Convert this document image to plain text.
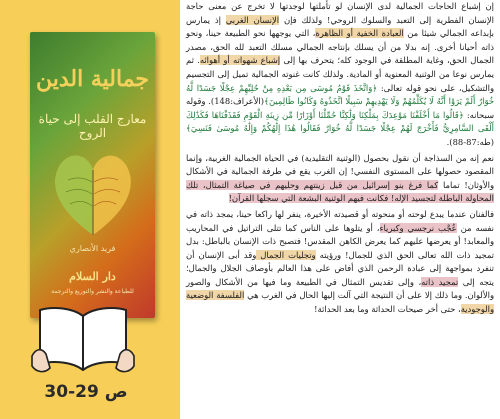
جمالية الدين
معارج القلب إلى حياة الروح
فريد الأنصاري
دار السلام
للطباعة والنشر والتوزيع والترجمة
ص 29-30

إن إشباع الحاجات الجمالية لدى الإنسان لو تأملتها لوجدتها لا تخرج عن معنى حاجة الإنسان الفطرية إلى التعبد والسلوك الروحي! ولذلك فإن الإنسان الغربي إذ يمارس بإبداعه الجمالي شيئا من العبادة الخفية أو الظاهرة، التي يوجهها نحو الطبيعة حينا، ونحو ذاته أحيانا أخرى. إنه بدلا من أن يسلك بإنتاجه الجمالي مسلك التعبد لله الحق، مصدر الجمال الحق، وغاية المطلقة في الوجود كله؛ يتحرف بها إلى إشباع شهواته أو أهوائه. ثم يمارس نوعا من الوثنية المعنوية أو المادية. ولذلك كانت غنوته الجمالية تميل إلى التجسيم والتشكيل، على نحو قوله تعالى: ﴿وَاتَّخَذَ قَوْمُ مُوسَى مِن بَعْدِهِ مِنْ حُلِيِّهِمْ عِجْلًا جَسَدًا لَّهُ خُوَارٌ أَلَمْ يَرَوْا أَنَّهُ لَا يُكَلِّمُهُمْ وَلَا يَهْدِيهِمْ سَبِيلًا اتَّخَذُوهُ وَكَانُوا ظَالِمِينَ﴾(الأعراف:148). وقوله سبحانه: ﴿قَالُوا مَا أَخْلَفْنَا مَوْعِدَكَ بِمَلْكِنَا وَلَٰكِنَّا حُمِّلْنَا أَوْزَارًا مِّن زِينَةِ الْقَوْمِ فَقَذَفْنَاهَا فَكَذَٰلِكَ أَلْقَى السَّامِرِيُّ فَأَخْرَجَ لَهُمْ عِجْلًا جَسَدًا لَّهُ خُوَارٌ فَقَالُوا هَٰذَا إِلَٰهُكُمْ وَإِلَٰهُ مُوسَىٰ فَنَسِيَ﴾(طه:87-88).

نعم إنه من السذاجة أن نقول بحصول (الوثنية التقليدية) في الحياة الجمالية الغربية، وإنما المقصود حصولها على المستوى النفسي! إن الغرب يقع في طرفة الجمالية في الأشكال والأوثان! تماما كما فرغ بنو إسرائيل من قبل زينتهم وحليهم في صياغة التمثال، تلك المحاولة الباطلة لتجسيد الإله! فكانت فيهم الوثنية البشعة التي سجلها القرآن!

فالفنان عندما يبدع لوحته أو منحوته أو قصيدته الأخيرة، ينفر لها راكعا حينا، يمجد ذاته في نفسه من عُجْب نرجسي وكبرياء، أو يتلوها على الناس كما تتلى التراتيل في المحاريب والمعابد! أو يعرضها عليهم كما يعرض الكاهن المقدس! فتصبح ذات الإنسان بالباطل: بدل تمجيد ذات الله تعالى الحق الذي للجمال! ورؤيته وتجليات الجمال وقد أبى الإنسان أن تنفرد بمواجهة إلى عبادة الرحمن الذي أفاض على هذا العالم بأوصاف الجلال والجمال؛ يتجه إلى تمجيد ذاته، وإلى تقديس التمثال في الطبيعة وما فيها من الأشكال والصور والألوان. وما ذلك إلا على أن النتيجة التي آلت إليها الحال في الغرب هي الفلسفة الوضعية والوجودية، حتى أخر صيحات الحداثة وما بعد الحداثة!
